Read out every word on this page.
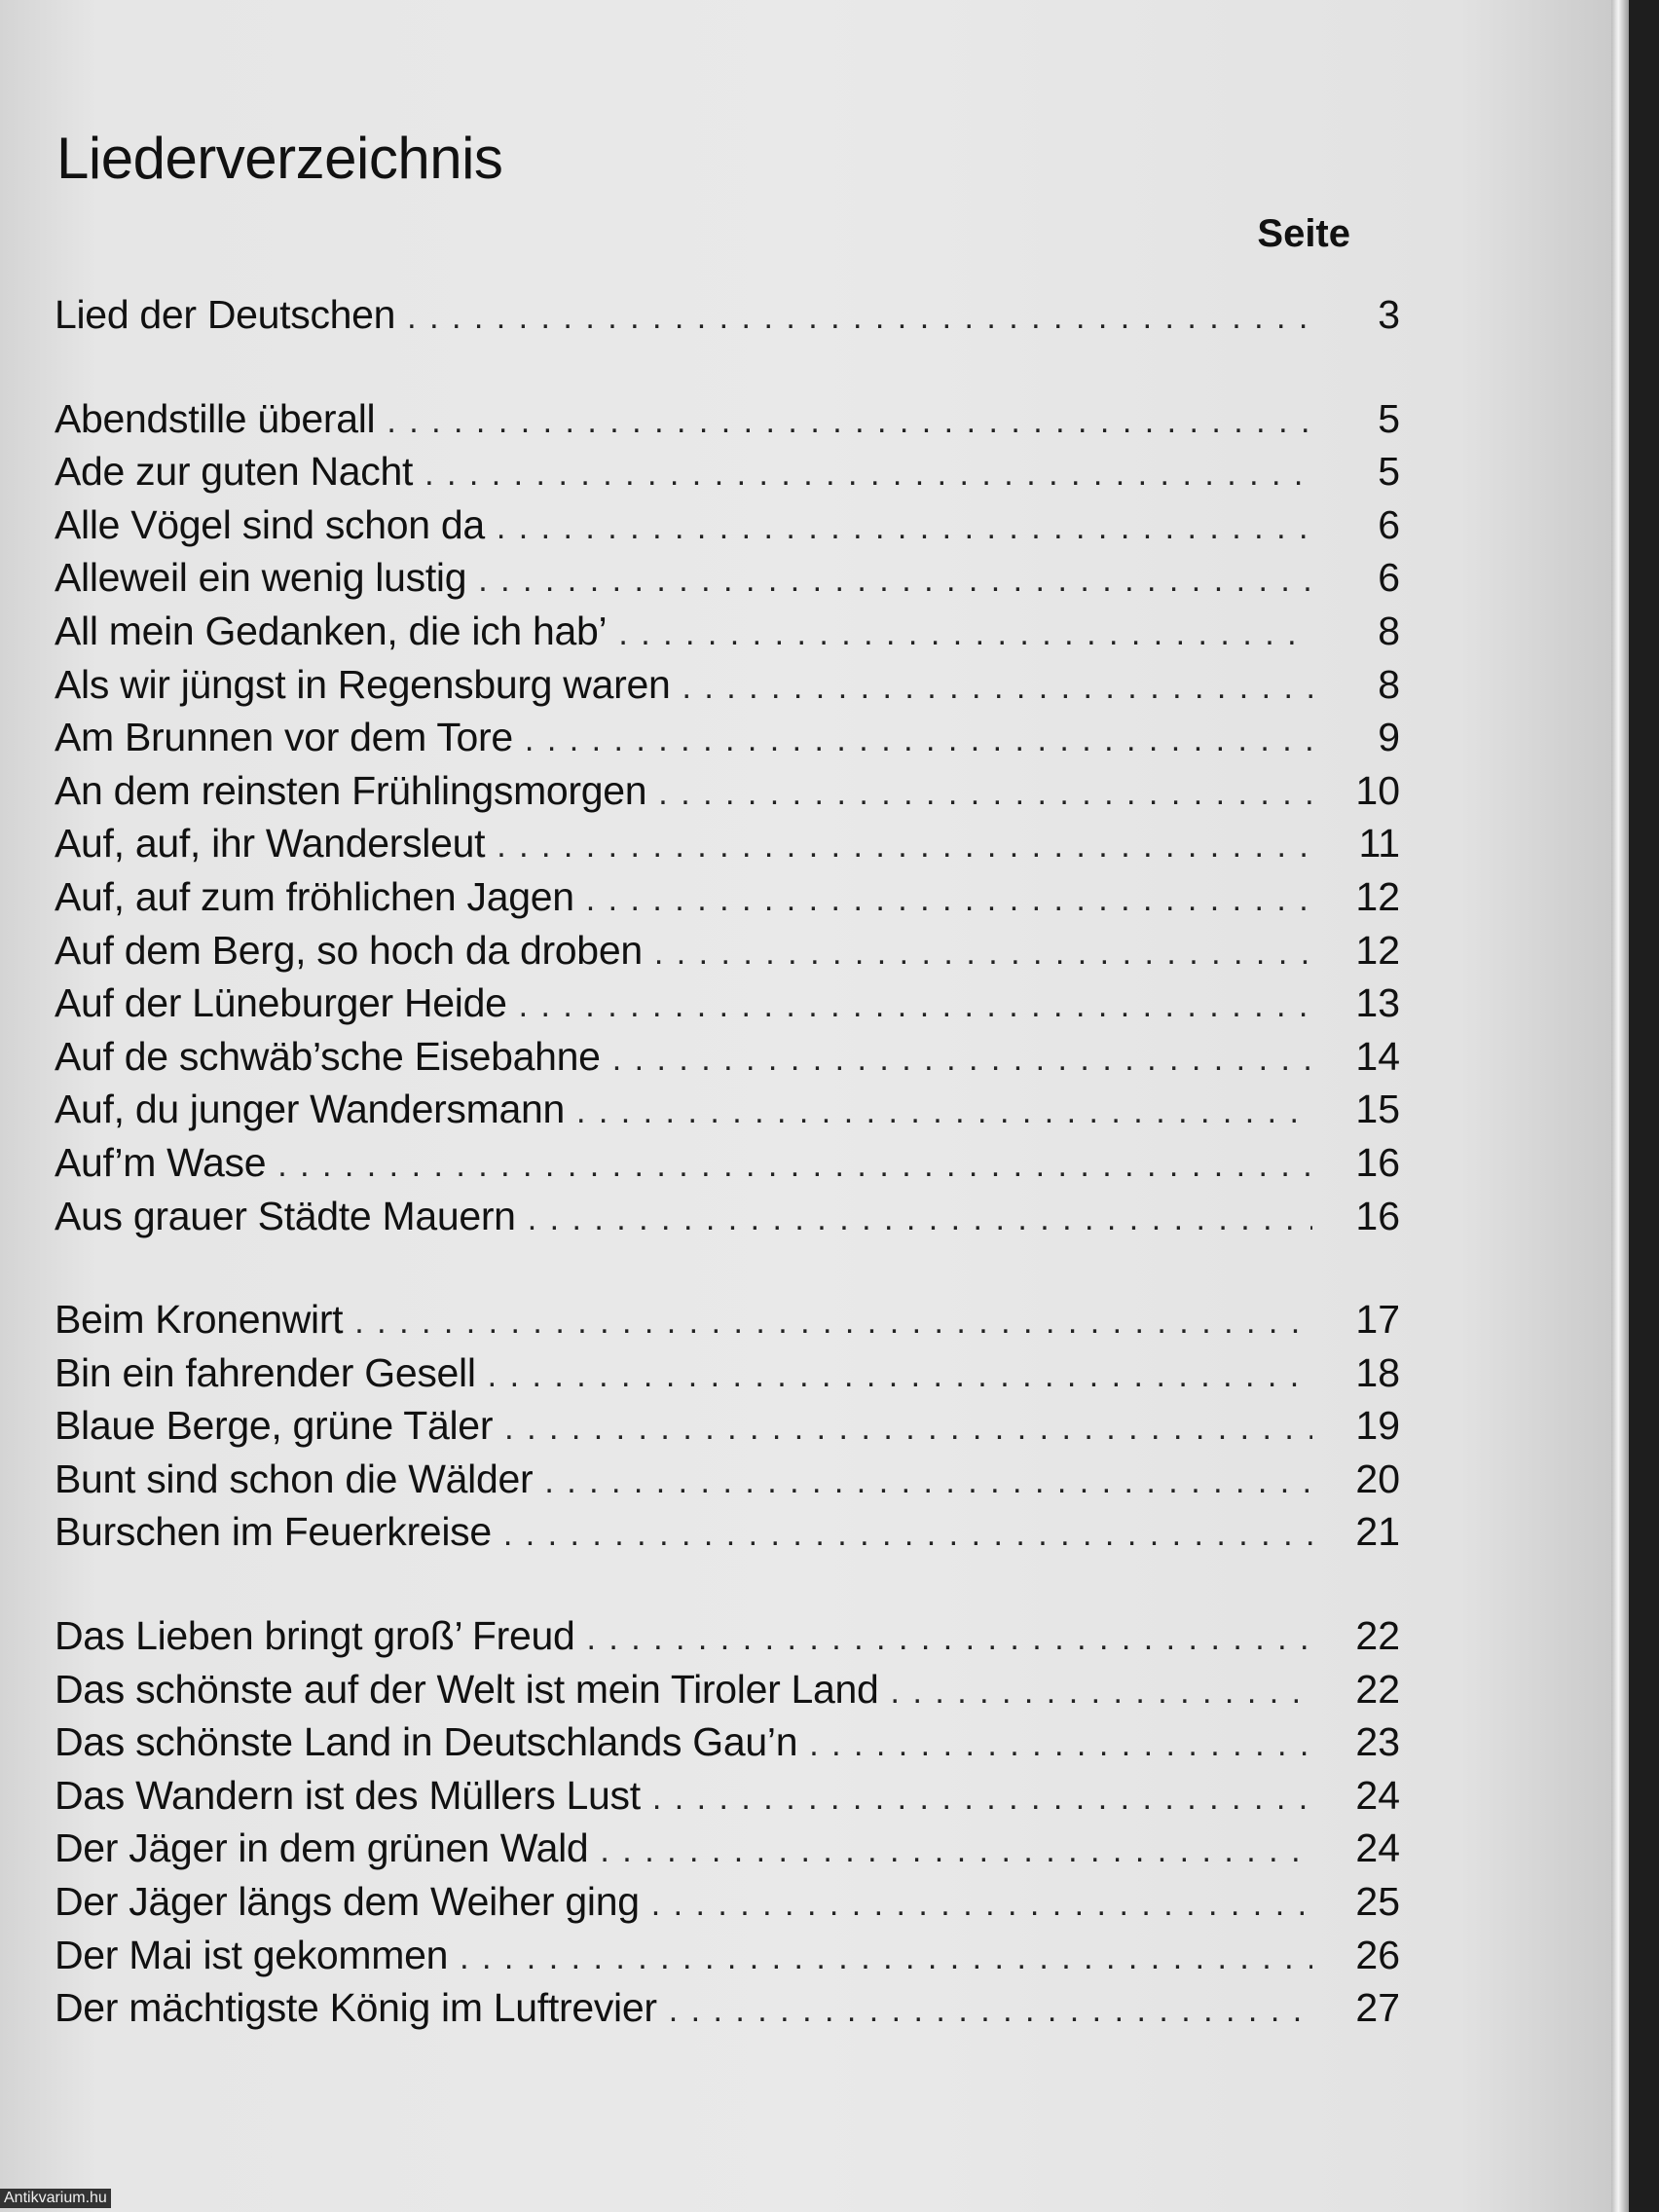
Liederverzeichnis
Seite
Lied der Deutschen . . .	3
Abendstille überall . . .	5
Ade zur guten Nacht . . .	5
Alle Vögel sind schon da . . .	6
Alleweil ein wenig lustig . . .	6
All mein Gedanken, die ich hab’ . . .	8
Als wir jüngst in Regensburg waren . . .	8
Am Brunnen vor dem Tore . . .	9
An dem reinsten Frühlingsmorgen . . .	10
Auf, auf, ihr Wandersleut . . .	11
Auf, auf zum fröhlichen Jagen . . .	12
Auf dem Berg, so hoch da droben . . .	12
Auf der Lüneburger Heide . . .	13
Auf de schwäb’sche Eisebahne . . .	14
Auf, du junger Wandersmann . . .	15
Auf’m Wase . . .	16
Aus grauer Städte Mauern . . .	16
Beim Kronenwirt . . .	17
Bin ein fahrender Gesell . . .	18
Blaue Berge, grüne Täler . . .	19
Bunt sind schon die Wälder . . .	20
Burschen im Feuerkreise . . .	21
Das Lieben bringt groß’ Freud . . .	22
Das schönste auf der Welt ist mein Tiroler Land . . .	22
Das schönste Land in Deutschlands Gau’n . . .	23
Das Wandern ist des Müllers Lust . . .	24
Der Jäger in dem grünen Wald . . .	24
Der Jäger längs dem Weiher ging . . .	25
Der Mai ist gekommen . . .	26
Der mächtigste König im Luftrevier . . .	27
Antikvarium.hu
